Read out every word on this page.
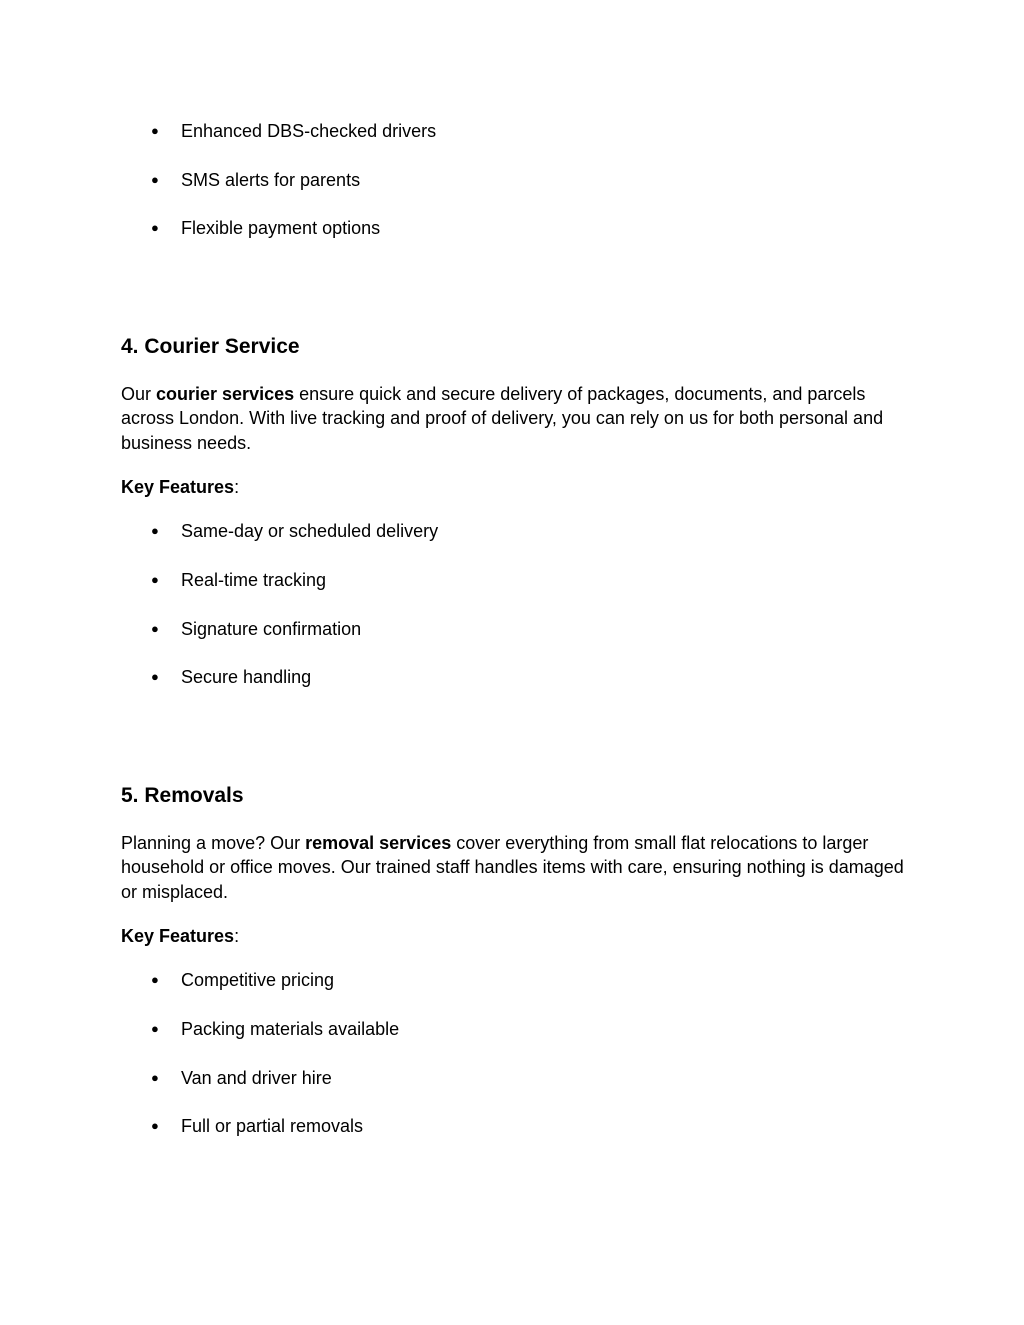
● Enhanced DBS-checked drivers
● SMS alerts for parents
● Flexible payment options
4. Courier Service
Our courier services ensure quick and secure delivery of packages, documents, and parcels across London. With live tracking and proof of delivery, you can rely on us for both personal and business needs.
Key Features:
● Same-day or scheduled delivery
● Real-time tracking
● Signature confirmation
● Secure handling
5. Removals
Planning a move? Our removal services cover everything from small flat relocations to larger household or office moves. Our trained staff handles items with care, ensuring nothing is damaged or misplaced.
Key Features:
● Competitive pricing
● Packing materials available
● Van and driver hire
● Full or partial removals
